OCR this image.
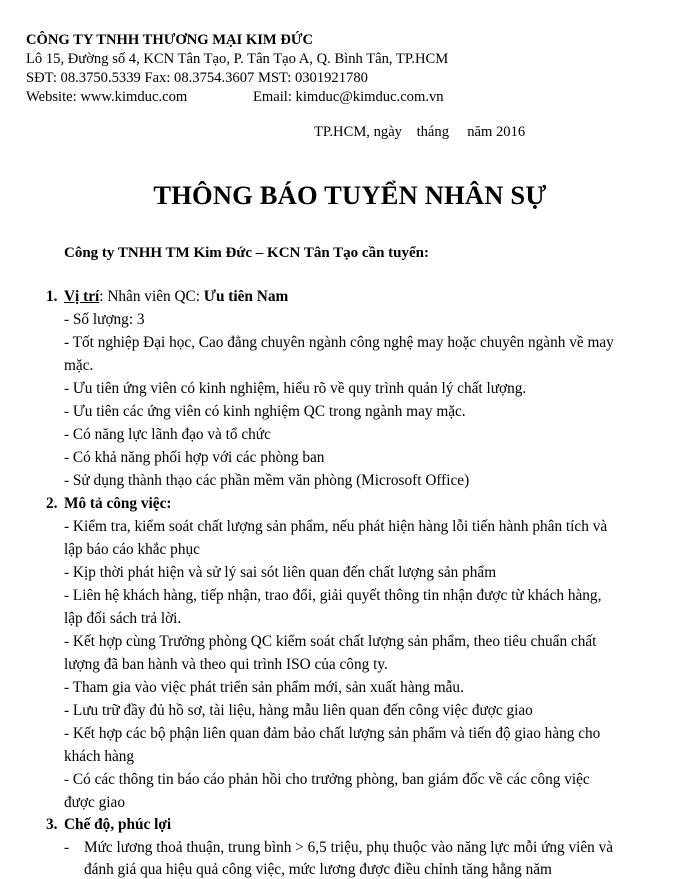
CÔNG TY TNHH THƯƠNG MẠI KIM ĐỨC
Lô 15, Đường số 4, KCN Tân Tạo, P. Tân Tạo A, Q. Bình Tân, TP.HCM
SĐT: 08.3750.5339 Fax: 08.3754.3607 MST: 0301921780
Website: www.kimduc.com	Email: kimduc@kimduc.com.vn
TP.HCM, ngày    tháng     năm 2016
THÔNG BÁO TUYỂN NHÂN SỰ
Công ty TNHH TM Kim Đức – KCN Tân Tạo cần tuyển:
1. Vị trí: Nhân viên QC: Ưu tiên Nam
- Số lượng: 3
- Tốt nghiệp Đại học, Cao đẳng chuyên ngành công nghệ may hoặc chuyên ngành về may
mặc.
- Ưu tiên ứng viên có kinh nghiệm, hiểu rõ về quy trình quản lý chất lượng.
- Ưu tiên các ứng viên có kinh nghiệm QC trong ngành may mặc.
- Có năng lực lãnh đạo và tổ chức
- Có khả năng phối hợp với các phòng ban
- Sử dụng thành thạo các phần mềm văn phòng (Microsoft Office)
2. Mô tả công việc:
- Kiểm tra, kiểm soát chất lượng sản phẩm, nếu phát hiện hàng lỗi tiến hành phân tích và
lập báo cáo khắc phục
- Kịp thời phát hiện và sử lý sai sót liên quan đến chất lượng sản phẩm
- Liên hệ khách hàng, tiếp nhận, trao đổi, giải quyết thông tin nhận được từ khách hàng,
lập đối sách trả lời.
- Kết hợp cùng Trưởng phòng QC kiểm soát chất lượng sản phẩm, theo tiêu chuẩn chất
lượng đã ban hành và theo qui trình ISO của công ty.
- Tham gia vào việc phát triển sản phẩm mới, sản xuất hàng mẫu.
- Lưu trữ đầy đủ hồ sơ, tài liệu, hàng mẫu liên quan đến công việc được giao
- Kết hợp các bộ phận liên quan đảm bảo chất lượng sản phẩm và tiến độ giao hàng cho
khách hàng
- Có các thông tin báo cáo phản hồi cho trưởng phòng, ban giám đốc về các công việc
được giao
3. Chế độ, phúc lợi
- Mức lương thoả thuận, trung bình > 6,5 triệu, phụ thuộc vào năng lực mỗi ứng viên và
đánh giá qua hiệu quả công việc, mức lương được điều chỉnh tăng hằng năm
